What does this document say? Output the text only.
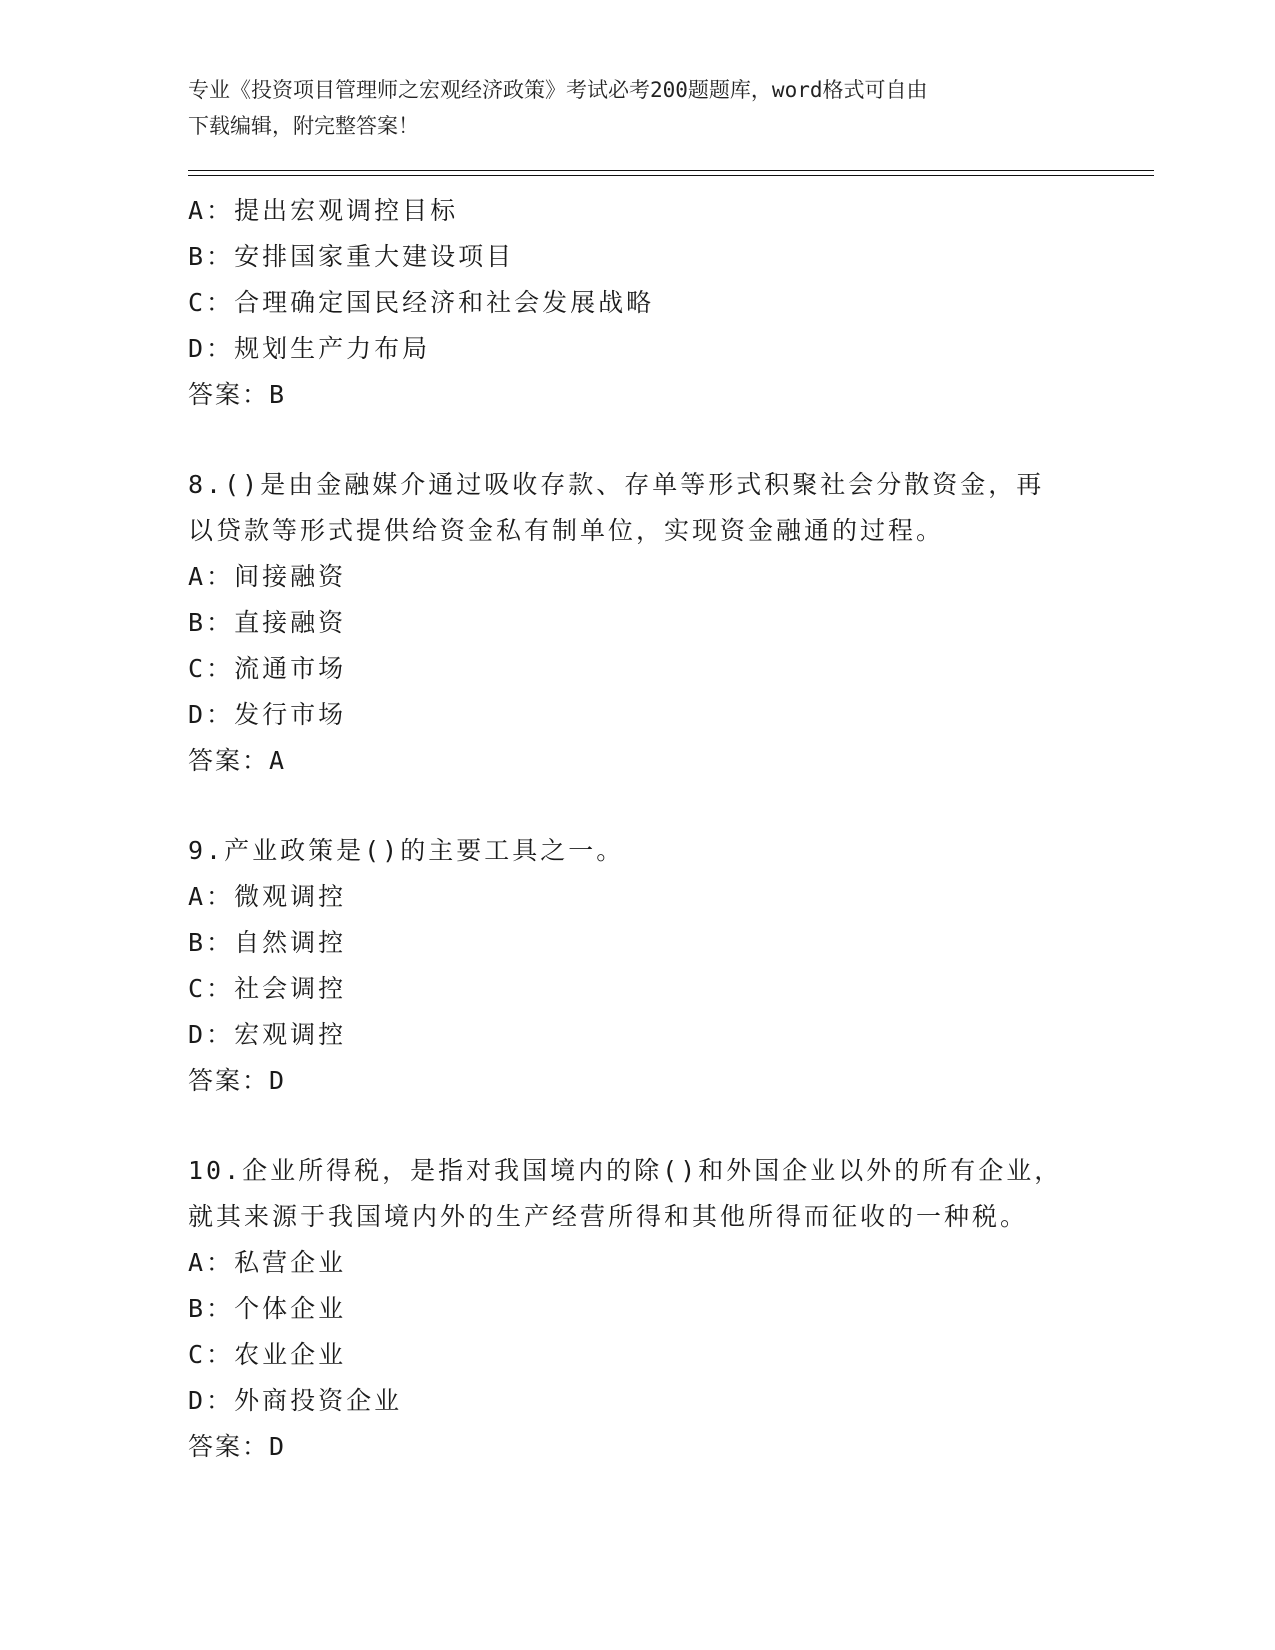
专业《投资项目管理师之宏观经济政策》考试必考200题题库，word格式可自由
下载编辑，附完整答案！
A：提出宏观调控目标
B：安排国家重大建设项目
C：合理确定国民经济和社会发展战略
D：规划生产力布局
答案：B
8.()是由金融媒介通过吸收存款、存单等形式积聚社会分散资金，再
以贷款等形式提供给资金私有制单位，实现资金融通的过程。
A：间接融资
B：直接融资
C：流通市场
D：发行市场
答案：A
9.产业政策是()的主要工具之一。
A：微观调控
B：自然调控
C：社会调控
D：宏观调控
答案：D
10.企业所得税，是指对我国境内的除()和外国企业以外的所有企业，
就其来源于我国境内外的生产经营所得和其他所得而征收的一种税。
A：私营企业
B：个体企业
C：农业企业
D：外商投资企业
答案：D
